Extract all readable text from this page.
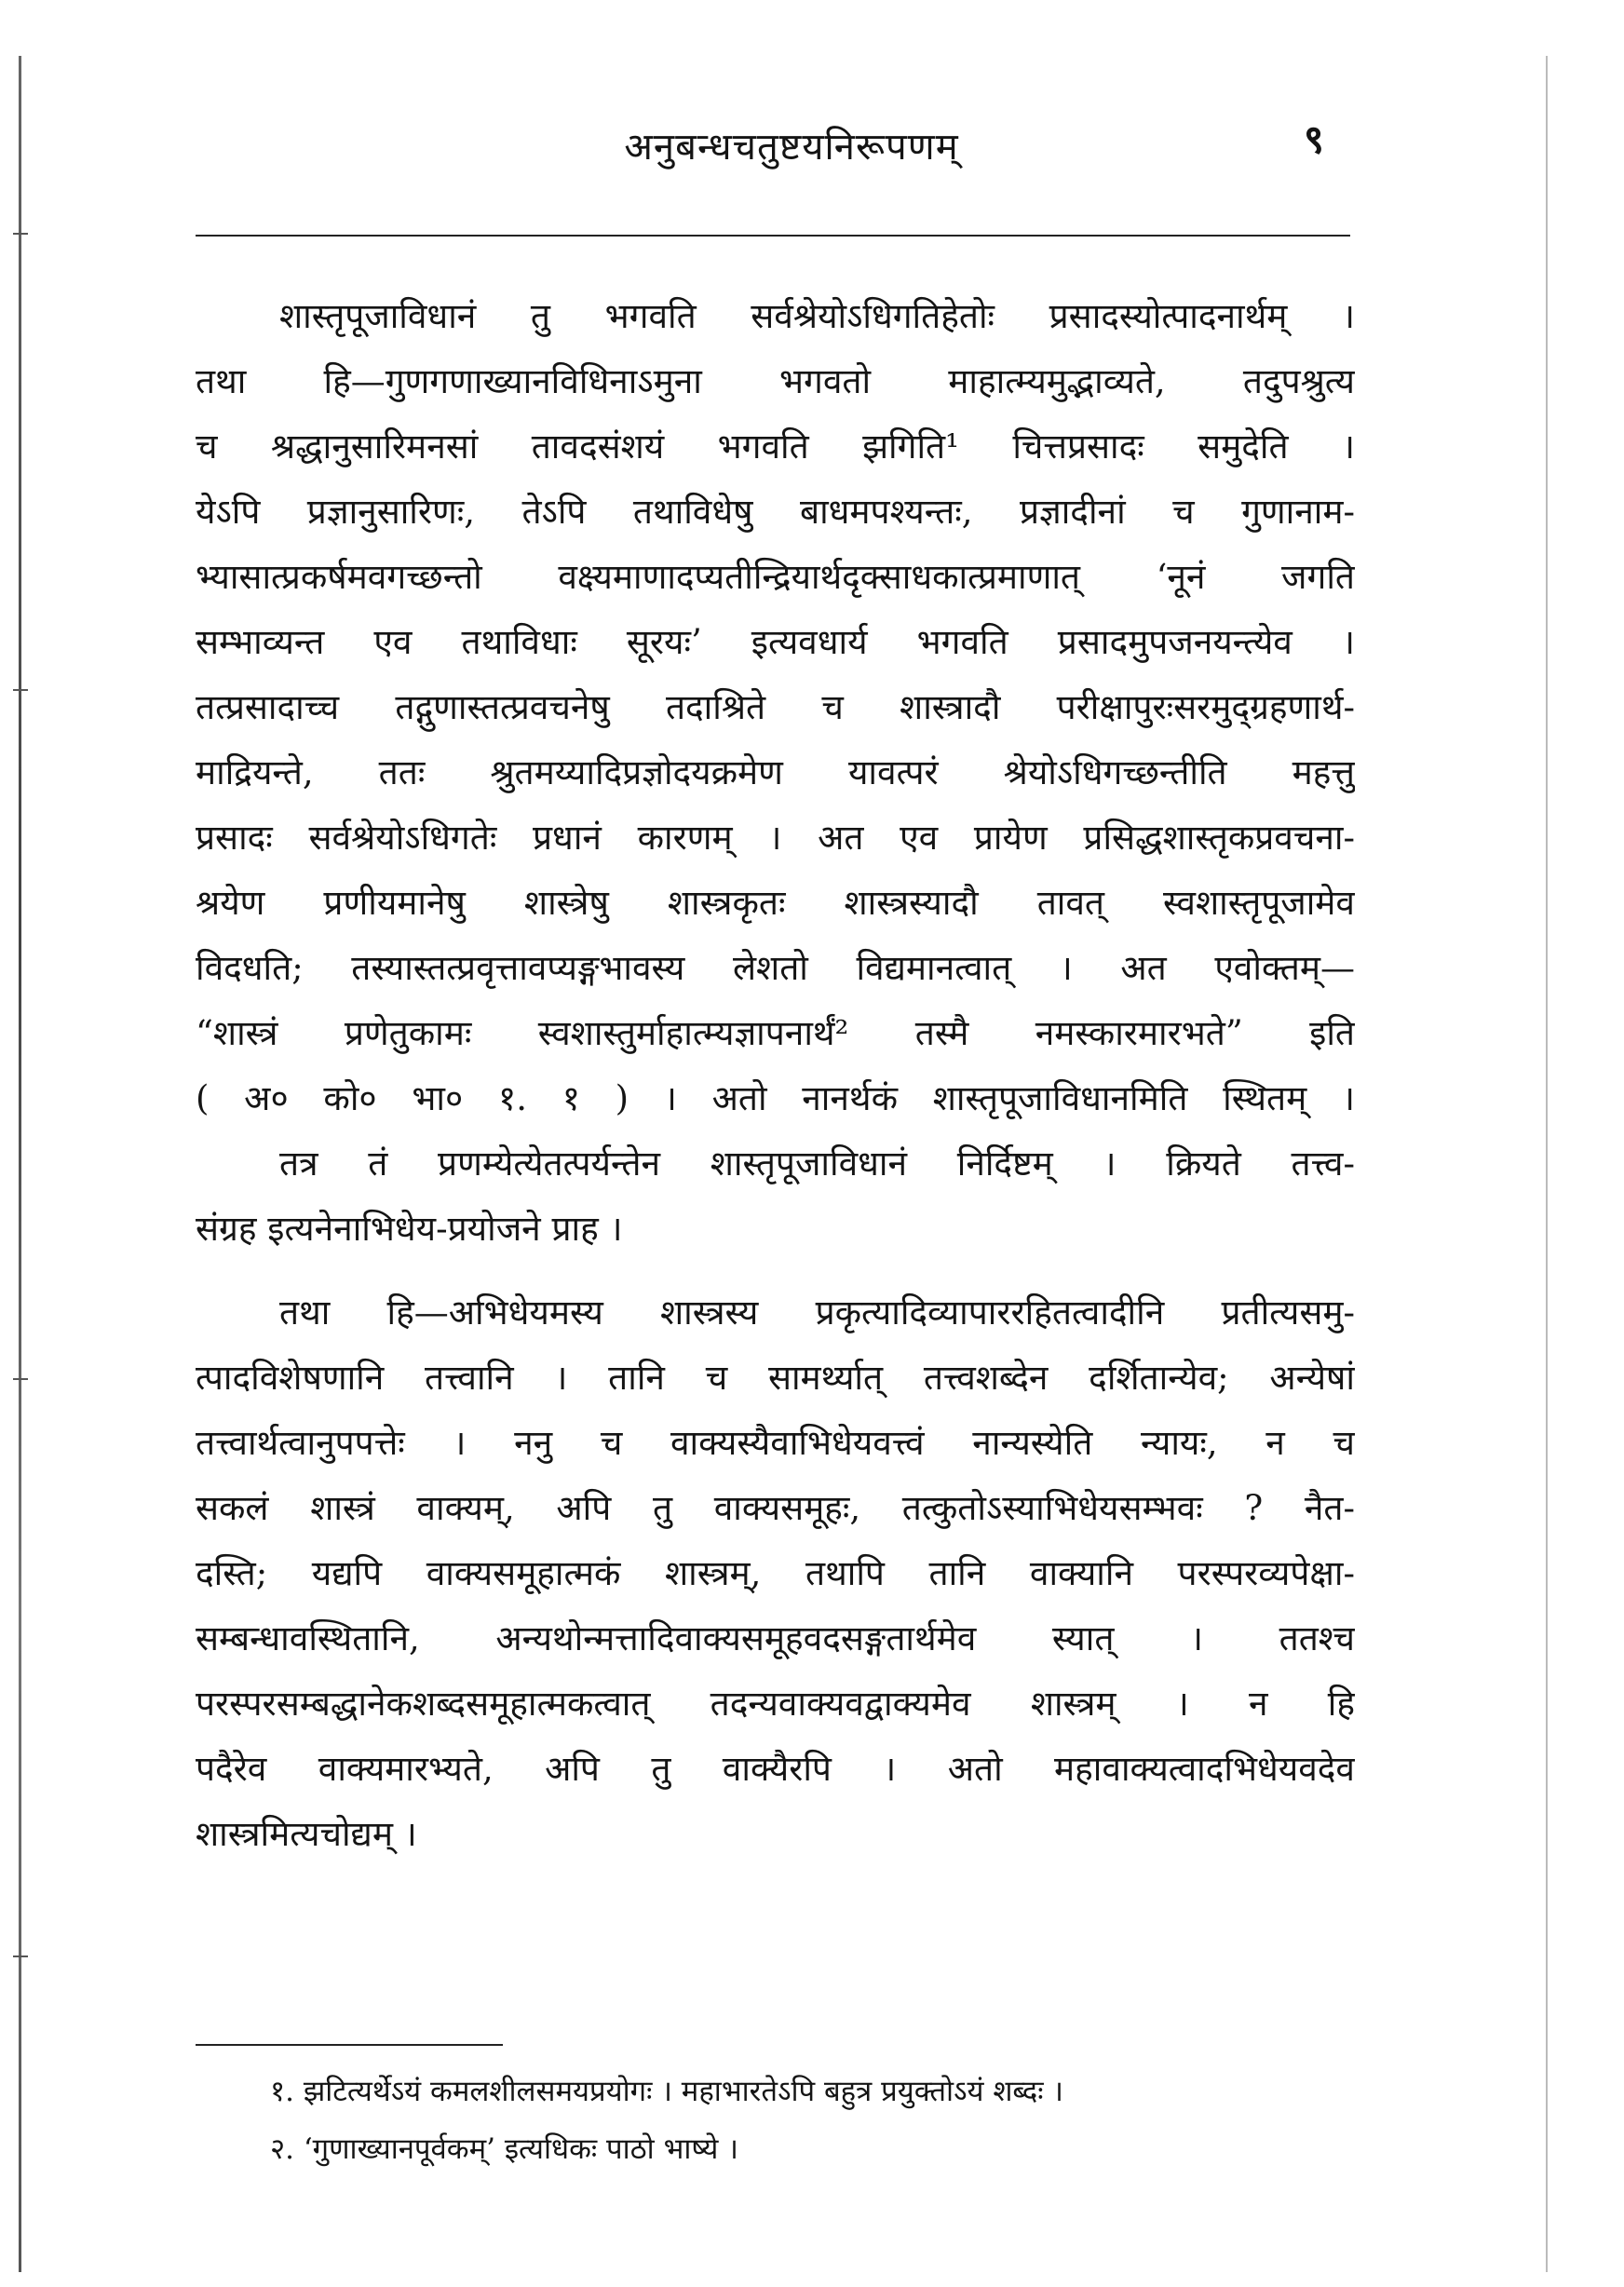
अनुबन्धचतुष्टयनिरूपणम्	९
शास्तृपूजाविधानं तु भगवति सर्वश्रेयोऽधिगतिहेतोः प्रसादस्योत्पादनार्थम् ।
तथा हि—गुणगणाख्यानविधिनाऽमुना भगवतो माहात्म्यमुद्भाव्यते, तदुपश्रुत्य
च श्रद्धानुसारिमनसां तावदसंशयं भगवति झगिति¹ चित्तप्रसादः समुदेति ।
येऽपि प्रज्ञानुसारिणः, तेऽपि तथाविधेषु बाधमपश्यन्तः, प्रज्ञादीनां च गुणानाम-
भ्यासात्प्रकर्षमवगच्छन्तो वक्ष्यमाणादप्यतीन्द्रियार्थदृक्साधकात्प्रमाणात् ‘नूनं जगति
सम्भाव्यन्त एव तथाविधाः सूरयः’ इत्यवधार्य भगवति प्रसादमुपजनयन्त्येव ।
तत्प्रसादाच्च तद्गुणास्तत्प्रवचनेषु तदाश्रिते च शास्त्रादौ परीक्षापुरःसरमुद्ग्रहणार्थ-
माद्रियन्ते, ततः श्रुतमय्यादिप्रज्ञोदयक्रमेण यावत्परं श्रेयोऽधिगच्छन्तीति महत्तु
प्रसादः सर्वश्रेयोऽधिगतेः प्रधानं कारणम् । अत एव प्रायेण प्रसिद्धशास्तृकप्रवचना-
श्रयेण प्रणीयमानेषु शास्त्रेषु शास्त्रकृतः शास्त्रस्यादौ तावत् स्वशास्तृपूजामेव
विदधति; तस्यास्तत्प्रवृत्तावप्यङ्गभावस्य लेशतो विद्यमानत्वात् । अत एवोक्तम्—
“शास्त्रं प्रणेतुकामः स्वशास्तुर्माहात्म्यज्ञापनार्थं² तस्मै नमस्कारमारभते” इति
( अ० को० भा० १. १ ) । अतो नानर्थकं शास्तृपूजाविधानमिति स्थितम् ।
तत्र तं प्रणम्येत्येतत्पर्यन्तेन शास्तृपूजाविधानं निर्दिष्टम् । क्रियते तत्त्व-
संग्रह इत्यनेनाभिधेय-प्रयोजने प्राह ।
तथा हि—अभिधेयमस्य शास्त्रस्य प्रकृत्यादिव्यापाररहितत्वादीनि प्रतीत्यसमु-
त्पादविशेषणानि तत्त्वानि । तानि च सामर्थ्यात् तत्त्वशब्देन दर्शितान्येव; अन्येषां
तत्त्वार्थत्वानुपपत्तेः । ननु च वाक्यस्यैवाभिधेयवत्त्वं नान्यस्येति न्यायः, न च
सकलं शास्त्रं वाक्यम्, अपि तु वाक्यसमूहः, तत्कुतोऽस्याभिधेयसम्भवः ? नैत-
दस्ति; यद्यपि वाक्यसमूहात्मकं शास्त्रम्, तथापि तानि वाक्यानि परस्परव्यपेक्षा-
सम्बन्धावस्थितानि, अन्यथोन्मत्तादिवाक्यसमूहवदसङ्गतार्थमेव स्यात् । ततश्च
परस्परसम्बद्धानेकशब्दसमूहात्मकत्वात् तदन्यवाक्यवद्वाक्यमेव शास्त्रम् । न हि
पदैरेव वाक्यमारभ्यते, अपि तु वाक्यैरपि । अतो महावाक्यत्वादभिधेयवदेव
शास्त्रमित्यचोद्यम् ।
१. झटित्यर्थेऽयं कमलशीलसमयप्रयोगः । महाभारतेऽपि बहुत्र प्रयुक्तोऽयं शब्दः ।
२. ‘गुणाख्यानपूर्वकम्’ इत्यधिकः पाठो भाष्ये ।
